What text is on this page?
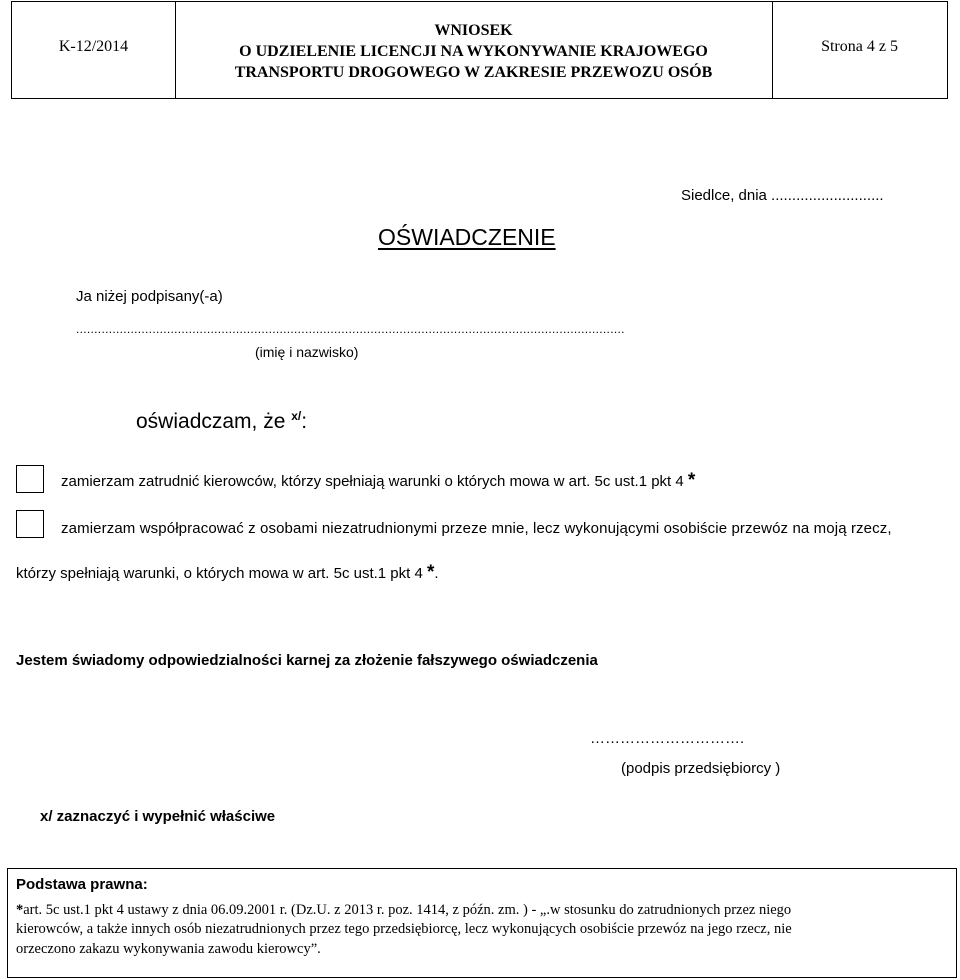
K-12/2014
WNIOSEK
O UDZIELENIE LICENCJI NA WYKONYWANIE KRAJOWEGO
TRANSPORTU DROGOWEGO W ZAKRESIE PRZEWOZU OSÓB
Strona 4 z 5
Siedlce, dnia ...........................
OŚWIADCZENIE
Ja niżej podpisany(-a)
.......................................................................................................................................................
(imię i nazwisko)
oświadczam, że $^{x/}$:
zamierzam zatrudnić kierowców, którzy spełniają warunki o których mowa w art. 5c ust.1 pkt 4 *
zamierzam współpracować z osobami niezatrudnionymi przeze mnie, lecz wykonującymi osobiście przewóz na moją rzecz,
którzy spełniają warunki, o których mowa w art. 5c ust.1 pkt 4 *.
Jestem świadomy odpowiedzialności karnej za złożenie fałszywego oświadczenia
………………………….
(podpis przedsiębiorcy )
x/ zaznaczyć i wypełnić właściwe
Podstawa prawna:
*art. 5c ust.1 pkt 4 ustawy z dnia 06.09.2001 r. (Dz.U. z 2013 r. poz. 1414, z późn. zm. ) - „.w stosunku do zatrudnionych przez niego
kierowców, a także innych osób niezatrudnionych przez tego przedsiębiorcę, lecz wykonujących osobiście przewóz na jego rzecz, nie
orzeczono zakazu wykonywania zawodu kierowcy”.
